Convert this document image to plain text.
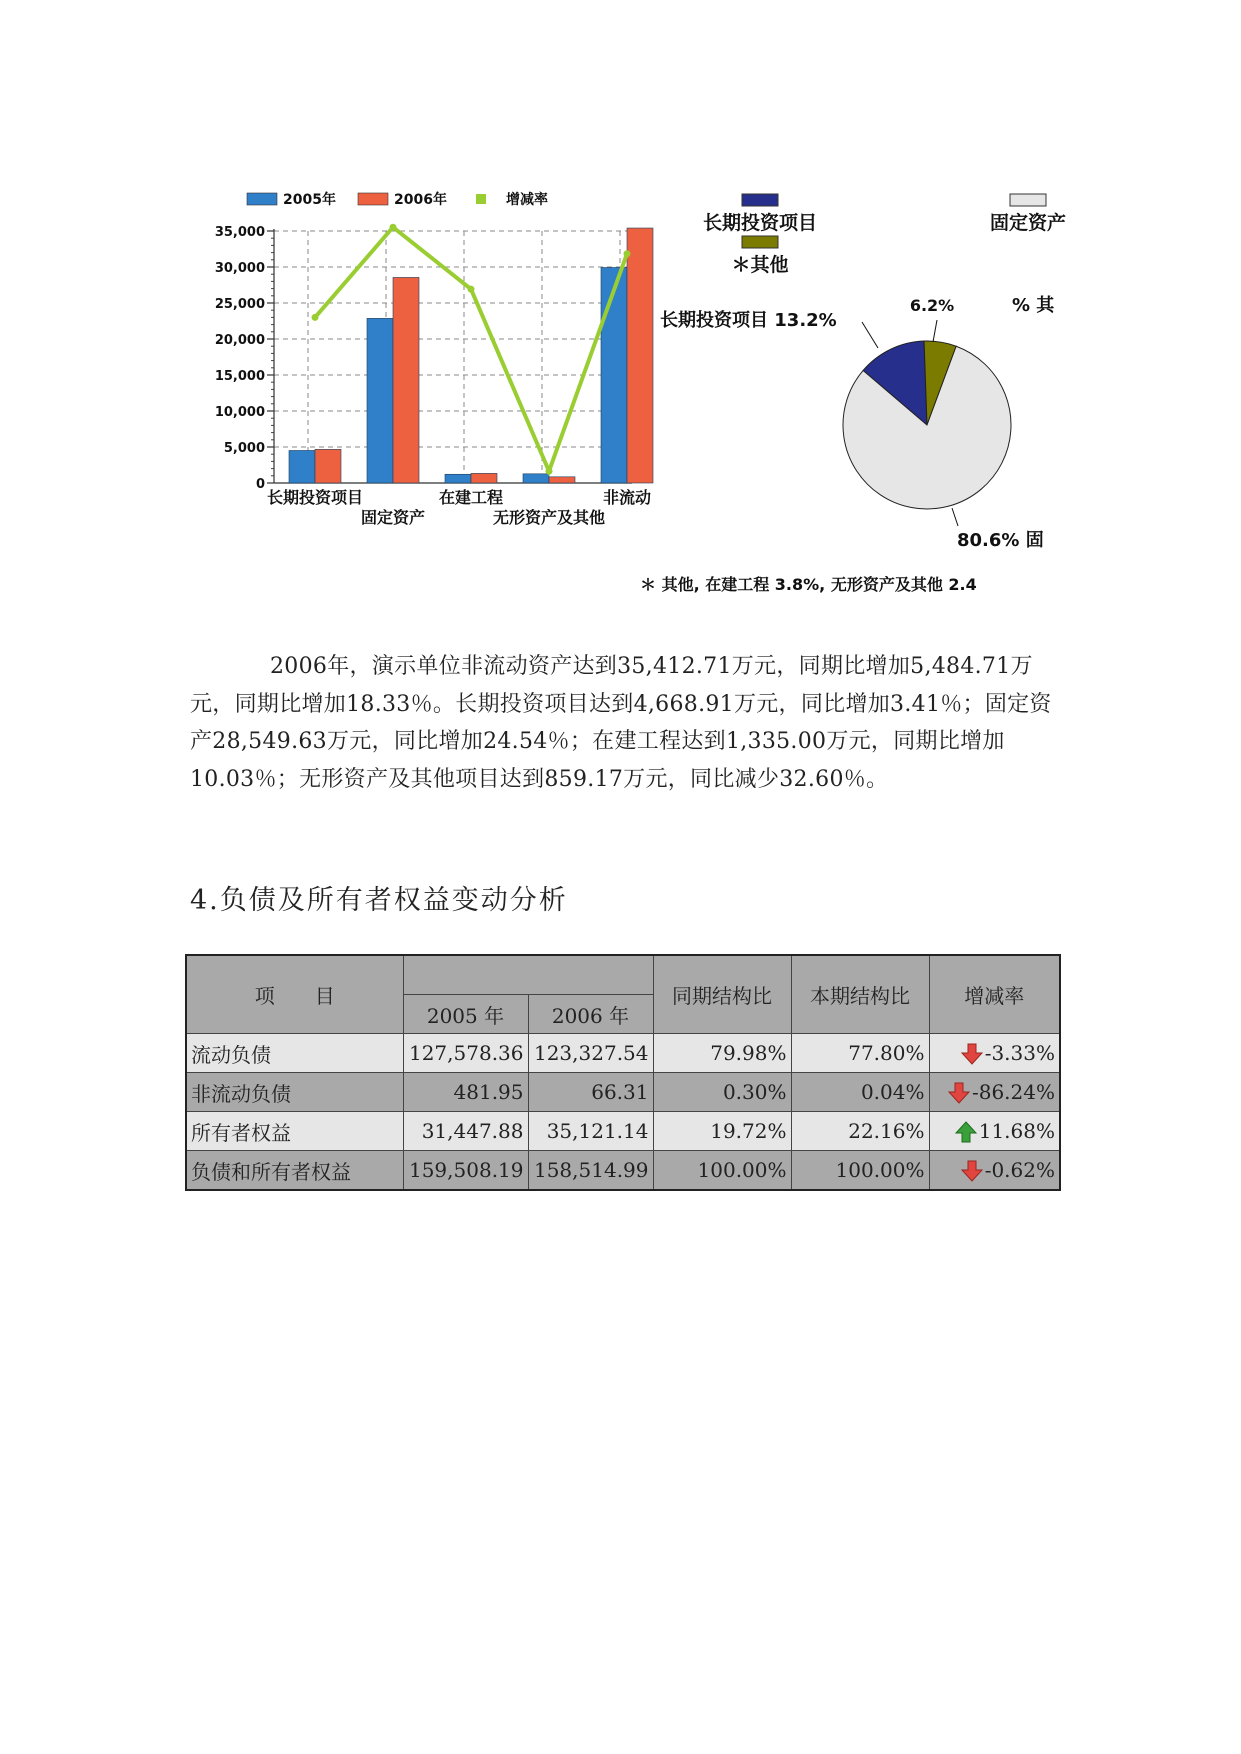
2005年	2006年	增减率
0
5,000
10,000
15,000
20,000
25,000
30,000
35,000
长期投资项目
固定资产
在建工程
无形资产及其他
非流动
长期投资项目	固定资产
＊其他
长期投资项目 13.2%
6.2%	% 其
80.6% 固
＊ 其他, 在建工程 3.8%, 无形资产及其他 2.4

2006年，演示单位非流动资产达到35,412.71万元，同期比增加5,484.71万元，同期比增加18.33％。长期投资项目达到4,668.91万元，同比增加3.41％；固定资产28,549.63万元，同比增加24.54％；在建工程达到1,335.00万元，同期比增加10.03％；无形资产及其他项目达到859.17万元，同比减少32.60％。

4.负债及所有者权益变动分析
项　　目			同期结构比	本期结构比	增减率
	2005 年	2006 年			
流动负债	127,578.36	123,327.54	79.98%	77.80%	-3.33%
非流动负债	481.95	66.31	0.30%	0.04%	-86.24%
所有者权益	31,447.88	35,121.14	19.72%	22.16%	11.68%
负债和所有者权益	159,508.19	158,514.99	100.00%	100.00%	-0.62%
